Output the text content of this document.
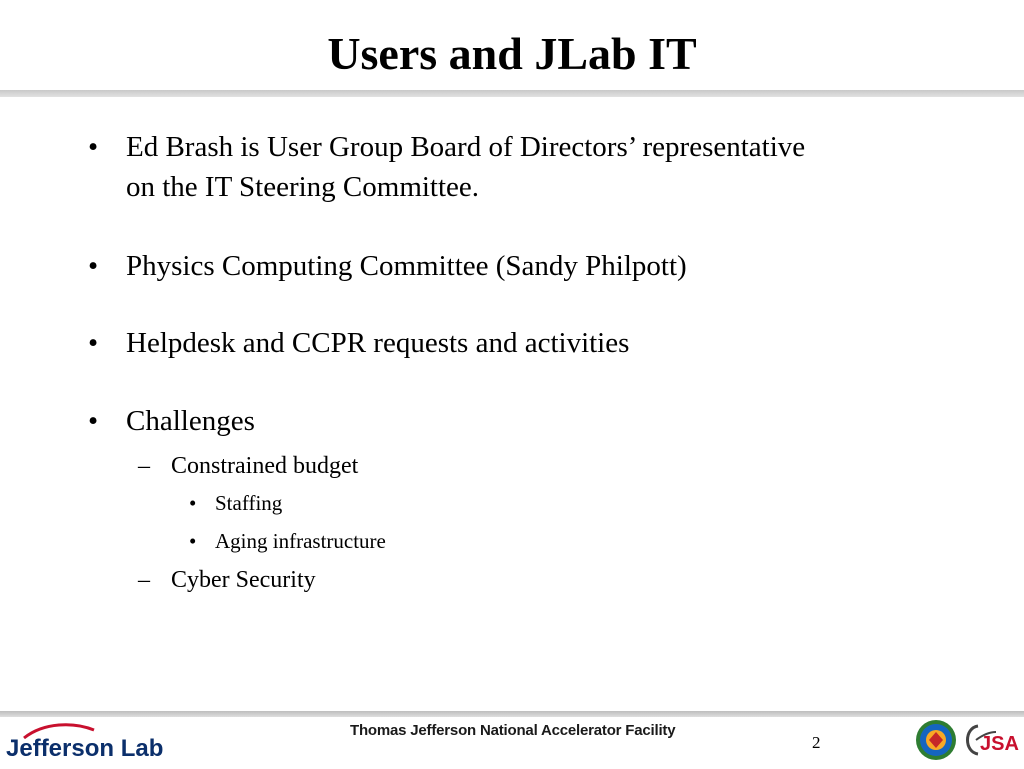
Users and JLab IT
• Ed Brash is User Group Board of Directors’ representative
on the IT Steering Committee.
• Physics Computing Committee (Sandy Philpott)
• Helpdesk and CCPR requests and activities
• Challenges
– Constrained budget
• Staffing
• Aging infrastructure
– Cyber Security
Jefferson Lab
Thomas Jefferson National Accelerator Facility
2	JSA
